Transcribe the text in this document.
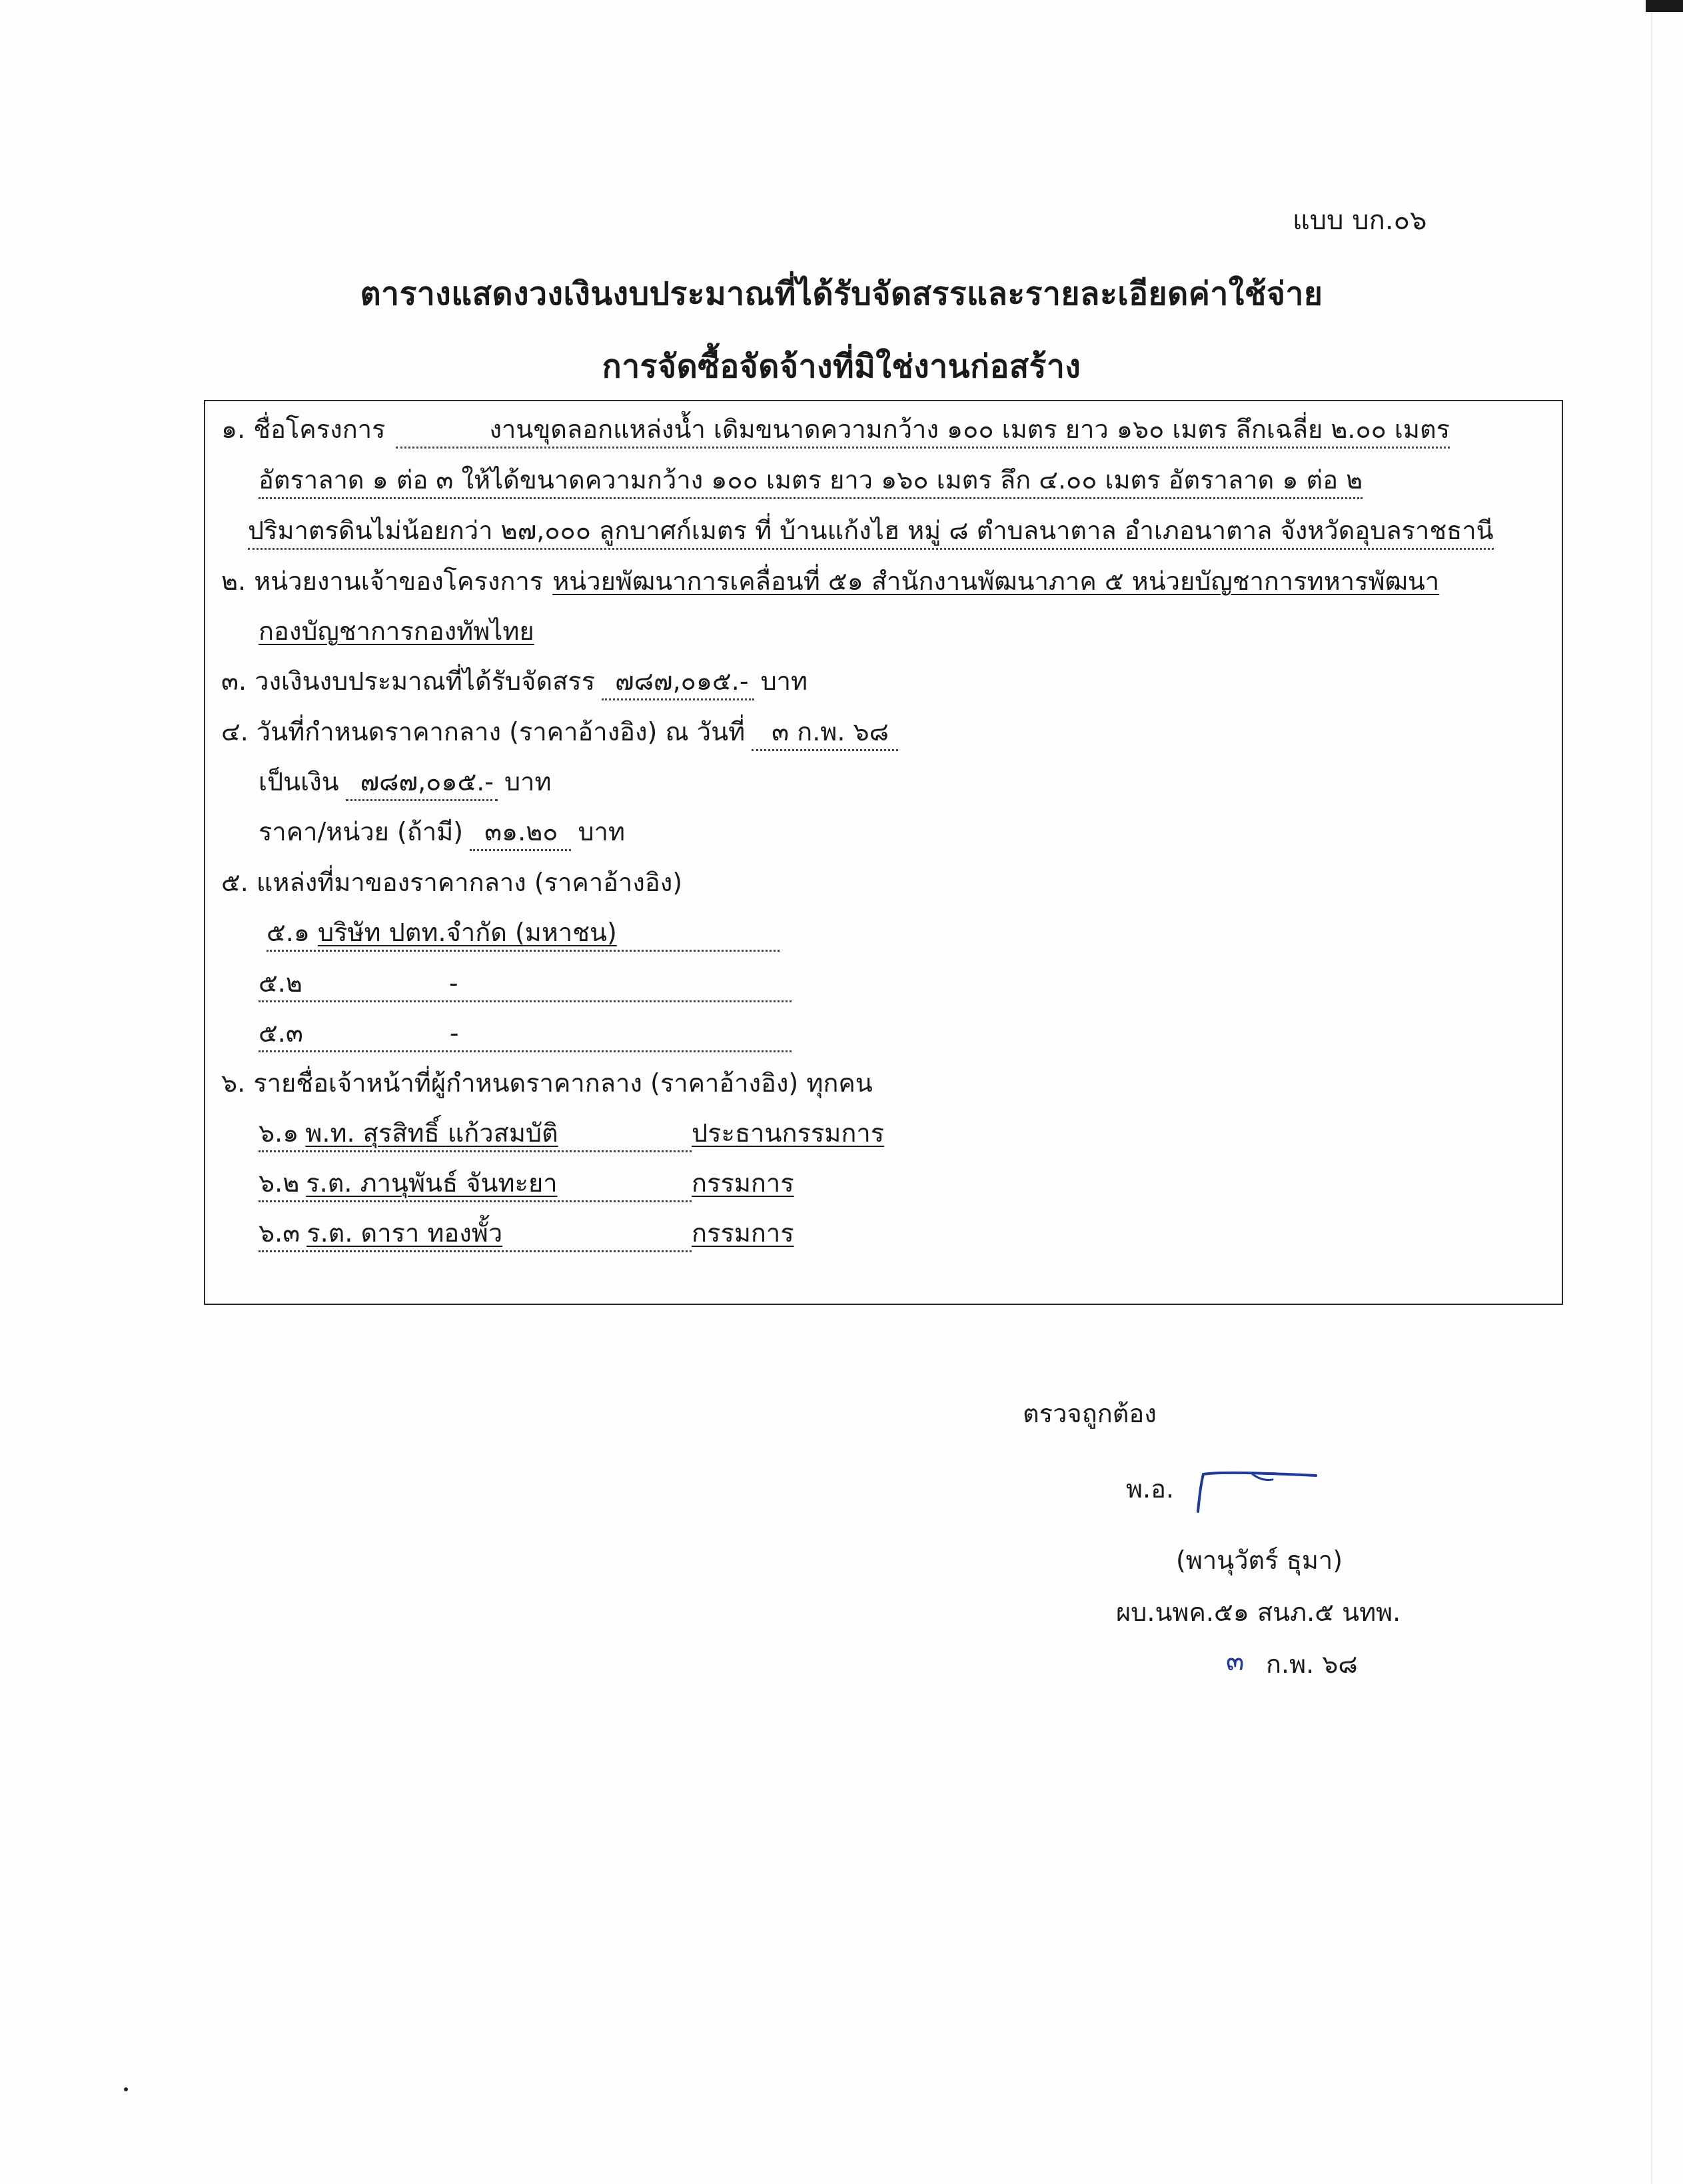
แบบ บก.๐๖
ตารางแสดงวงเงินงบประมาณที่ได้รับจัดสรรและรายละเอียดค่าใช้จ่าย
การจัดซื้อจัดจ้างที่มิใช่งานก่อสร้าง
๑. ชื่อโครงการ	งานขุดลอกแหล่งน้ำ เดิมขนาดความกว้าง ๑๐๐ เมตร ยาว ๑๖๐ เมตร ลึกเฉลี่ย ๒.๐๐ เมตร
อัตราลาด ๑ ต่อ ๓ ให้ได้ขนาดความกว้าง ๑๐๐ เมตร ยาว ๑๖๐ เมตร ลึก ๔.๐๐ เมตร อัตราลาด ๑ ต่อ ๒
ปริมาตรดินไม่น้อยกว่า ๒๗,๐๐๐ ลูกบาศก์เมตร ที่ บ้านแก้งไฮ หมู่ ๘ ตำบลนาตาล อำเภอนาตาล จังหวัดอุบลราชธานี
๒. หน่วยงานเจ้าของโครงการ หน่วยพัฒนาการเคลื่อนที่ ๕๑ สำนักงานพัฒนาภาค ๕ หน่วยบัญชาการทหารพัฒนา
กองบัญชาการกองทัพไทย
๓. วงเงินงบประมาณที่ได้รับจัดสรร ๗๘๗,๐๑๕.- บาท
๔. วันที่กำหนดราคากลาง (ราคาอ้างอิง) ณ วันที่ ๓ ก.พ. ๖๘
เป็นเงิน ๗๘๗,๐๑๕.- บาท
ราคา/หน่วย (ถ้ามี) ๓๑.๒๐ บาท
๕. แหล่งที่มาของราคากลาง (ราคาอ้างอิง)
๕.๑ บริษัท ปตท.จำกัด (มหาชน)
๕.๒	-
๕.๓	-
๖. รายชื่อเจ้าหน้าที่ผู้กำหนดราคากลาง (ราคาอ้างอิง) ทุกคน
๖.๑ พ.ท. สุรสิทธิ์ แก้วสมบัติ	ประธานกรรมการ
๖.๒ ร.ต. ภานุพันธ์ จันทะยา	กรรมการ
๖.๓ ร.ต. ดารา ทองพั้ว	กรรมการ
ตรวจถูกต้อง
พ.อ.
(พานุวัตร์ ธุมา)
ผบ.นพค.๕๑ สนภ.๕ นทพ.
๓ ก.พ. ๖๘
